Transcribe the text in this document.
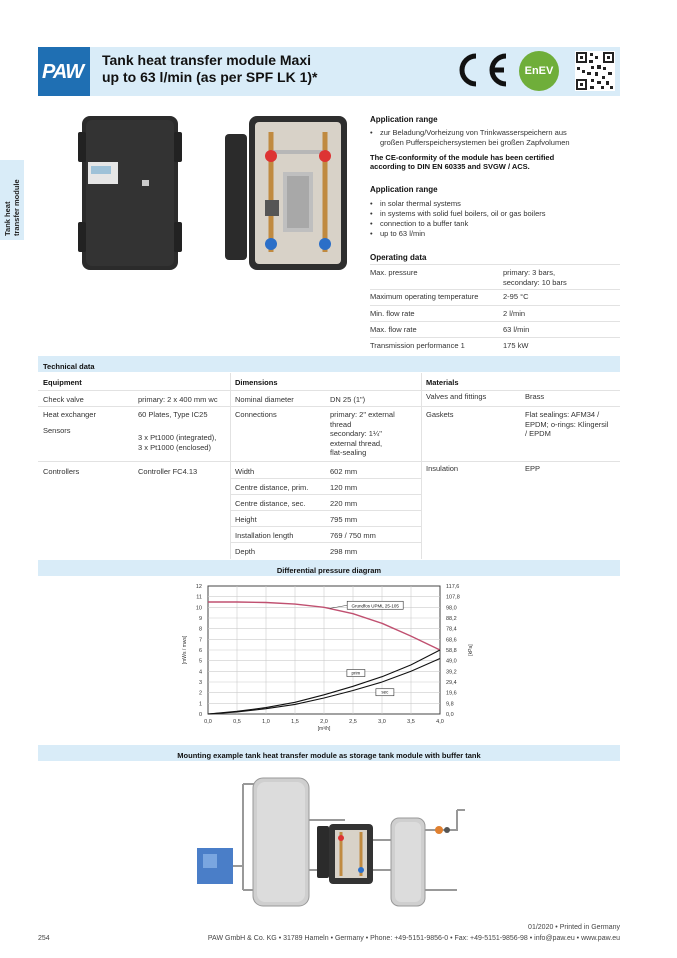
PAW
Tank heat transfer module Maxi
up to 63 l/min (as per SPF LK 1)*	EnEV
Tank heat transfer module
Application range
• zur Beladung/Vorheizung von Trinkwasserspeichern aus
großen Pufferspeichersystemen bei großen Zapfvolumen
The CE-conformity of the module has been certified
according to DIN EN 60335 and SVGW / ACS.
Application range
• in solar thermal systems
• in systems with solid fuel boilers, oil or gas boilers
• connection to a buffer tank
• up to 63 l/min
Operating data
Max. pressure	primary: 3 bars,
secondary: 10 bars
Maximum operating temperature	2-95 °C
Min. flow rate	2 l/min
Max. flow rate	63 l/min
Transmission performance 1	175 kW
Technical data
Equipment
Check valve	primary: 2 x 400 mm wc
Heat exchanger	60 Plates, Type IC25
Sensors
3 x Pt1000 (integrated),
3 x Pt1000 (enclosed)
Controllers	Controller FC4.13
Dimensions
Nominal diameter	DN 25 (1")
Connections	primary: 2" external
thread
secondary: 1¼"
external thread,
flat-sealing
Width	602 mm
Centre distance, prim.	120 mm
Centre distance, sec.	220 mm
Height	795 mm
Installation length	769 / 750 mm
Depth	298 mm
Materials
Valves and fittings	Brass
Gaskets	Flat sealings: AFM34 /
EPDM; o-rings: Klingersil
/ EPDM
Insulation	EPP
Differential pressure diagram
0
1
2
3
4
5
6
7
8
9
10
11
12
[mWs / mws]
0,0
9,8
19,6
29,4
39,2
49,0
58,8
68,6
78,4
88,2
98,0
107,8
117,6
[kPa]
0,0	0,5	1,0	1,5	2,0	2,5	3,0	3,5	4,0
[m³/h]
Grundfos UPML 25-105
prim
sec
Mounting example tank heat transfer module as storage tank module with buffer tank
01/2020 • Printed in Germany
254	PAW GmbH & Co. KG • 31789 Hameln • Germany • Phone: +49-5151-9856-0 • Fax: +49-5151-9856-98 • info@paw.eu • www.paw.eu
